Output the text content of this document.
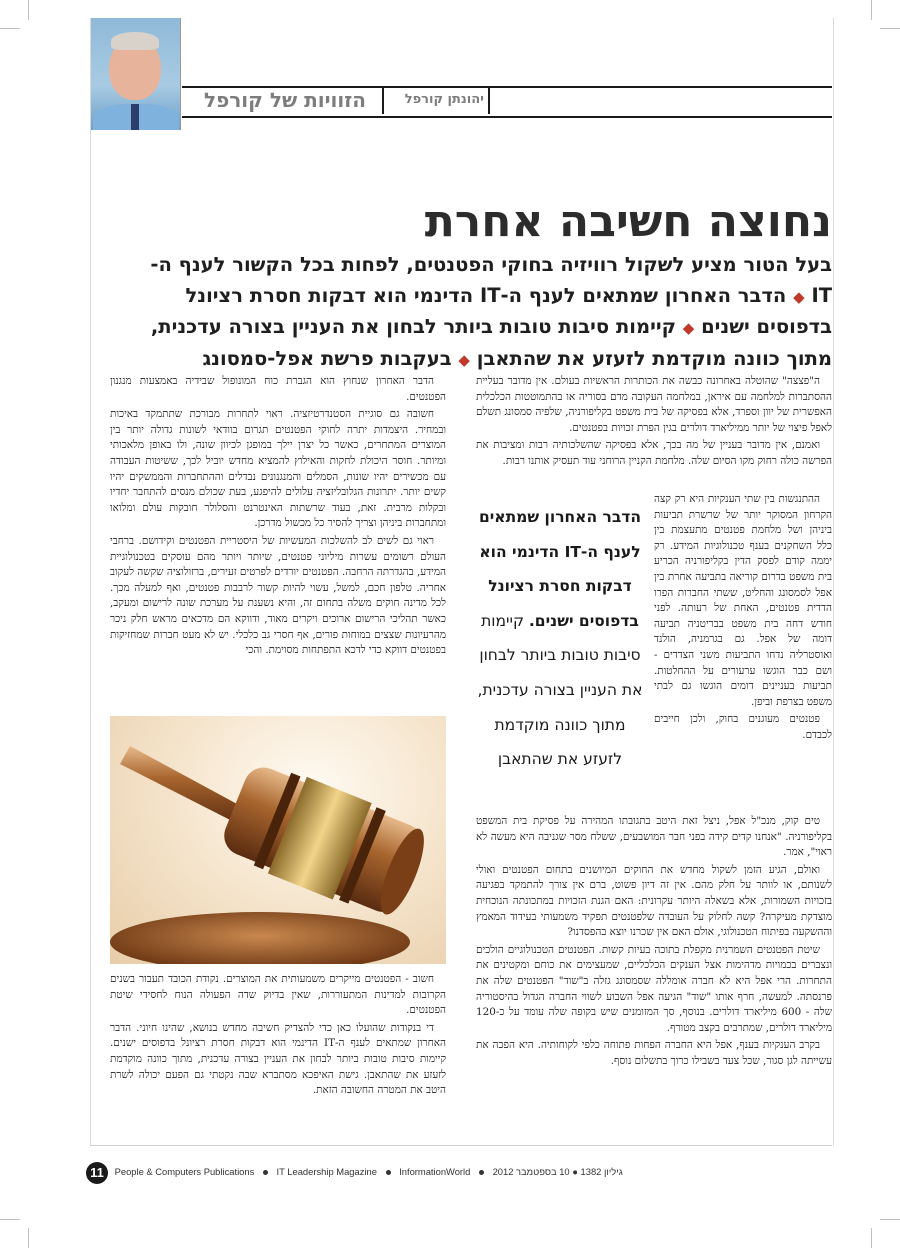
הזוויות של קורפל	יהונתן קורפל
נחוצה חשיבה אחרת
בעל הטור מציע לשקול רוויזיה בחוקי הפטנטים, לפחות בכל הקשור לענף ה-IT ◆ הדבר האחרון שמתאים לענף ה-IT הדינמי הוא דבקות חסרת רציונל בדפוסים ישנים ◆ קיימות סיבות טובות ביותר לבחון את העניין בצורה עדכנית, מתוך כוונה מוקדמת לזעזע את שהתאבן ◆ בעקבות פרשת אפל-סמסונג

ה"פצצה" שהוטלה באחרונה כבשה את הכותרות הראשיות בעולם. אין מדובר בעליית ההסתברות למלחמה עם איראן, במלחמה העקובה מדם בסוריה או בהתמוטטות הכלכלית האפשרית של יוון וספרד, אלא בפסיקה של בית משפט בקליפורניה, שלפיה סמסונג תשלם לאפל פיצוי של יותר ממיליארד דולרים בגין הפרת זכויות בפטנטים.

ואמנם, אין מדובר בעניין של מה בכך, אלא בפסיקה שהשלכותיה רבות ומציבות את הפרשה כולה רחוק מקו הסיום שלה. מלחמת הקניין הרוחני עוד תעסיק אותנו רבות.

הדבר האחרון שמתאים לענף ה-IT הדינמי הוא דבקות חסרת רציונל בדפוסים ישנים. קיימות סיבות טובות ביותר לבחון את העניין בצורה עדכנית, מתוך כוונה מוקדמת לזעזע את שהתאבן

ההתנגשות בין שתי הענקיות היא רק קצה הקרחון המסוקר יותר של שרשרת תביעות ביניהן ושל מלחמת פטנטים מתעצמת בין כלל השחקנים בענף טכנולוגיות המידע. רק יממה קודם לפסק הדין בקליפורניה הכריע בית משפט בדרום קוריאה בתביעה אחרת בין אפל לסמסונג והחליט, ששתי החברות הפרו הדדית פטנטים, האחת של רעותה. לפני חודש דחה בית משפט בבריטניה תביעה דומה של אפל. גם בגרמניה, הולנד ואוסטרליה נדחו התביעות משני הצדדים - ושם כבר הוגשו ערעורים על ההחלטות. תביעות בעניינים דומים הוגשו גם לבתי משפט בצרפת וביפן.

פטנטים מעוגנים בחוק, ולכן חייבים לכבדם.

טים קוק, מנכ"ל אפל, ניצל זאת היטב בתגובתו המהירה על פסיקת בית המשפט בקליפורניה. "אנחנו קדים קידה בפני חבר המושבעים, ששלח מסר שגניבה היא מעשה לא ראוי", אמר.

ואולם, הגיע הזמן לשקול מחדש את החוקים המיושנים בתחום הפטנטים ואולי לשנותם, או לוותר על חלק מהם. אין זה דיון פשוט, ברם אין צורך להתמקד בפגיעה בזכויות השמורות, אלא בשאלה היותר עקרונית: האם הגנת הזכויות במתכונתה הנוכחית מוצדקת מעיקרה? קשה לחלוק על העובדה שלפטנטים תפקיד משמעותי בעידוד המאמץ וההשקעה בפיתוח הטכנולוגי, אולם האם אין שכרנו יוצא בהפסדנו?

שיטת הפטנטים השמרנית מקפלת בתוכה בעיות קשות. הפטנטים הטכנולוגיים הולכים ונצברים בכמויות מדהימות אצל הענקים הכלכליים, שמעצימים את כוחם ומקטינים את התחרות. הרי אפל היא לא חברה אומללה שסמסונג גזלה ב"שוד" הפטנטים שלה את פרנסתה. למעשה, חרף אותו "שוד" הגיעה אפל השבוע לשווי החברה הגדול בהיסטוריה שלה - 600 מיליארד דולרים. בנוסף, סך המזומנים שיש בקופה שלה עומד על כ-120 מיליארד דולרים, שמתרבים בקצב מטורף.

בקרב הענקיות בענף, אפל היא החברה הפחות פתוחה כלפי לקוחותיה. היא הפכה את עשייתה לגן סגור, שכל צעד בשבילו כרוך בתשלום נוסף.

הדבר האחרון שנחוץ הוא הגברת כוח המונופול שבידיה באמצעות מנגנון הפטנטים.

חשובה גם סוגיית הסטנדרטיזציה. ראוי לתחרות מבורכת שתתמקד באיכות ובמחיר. היצמדות יתרה לחוקי הפטנטים תגרום בוודאי לשונות גדולה יותר בין המוצרים המתחרים, כאשר כל יצרן יילך במופגן לכיוון שונה, ולו באופן מלאכותי ומיותר. חוסר היכולת לחקות והאילוץ להמציא מחדש יוביל לכך, ששיטות העבודה עם מכשירים יהיו שונות, הסמלים והמנגנונים נבדלים וההתחברות והממשקים יהיו קשים יותר. יתרונות הגלובליזציה עלולים להיפגע, בעת שכולם מנסים להתחבר יחדיו ובקלות מרבית. זאת, בעוד שרשתות האינטרנט והסלולר חובקות עולם ומלואו ומתחברות ביניהן וצריך להסיר כל מכשול מדרכן.

ראוי גם לשים לב להשלכות המעשיות של היסטריית הפטנטים וקידושם. ברחבי העולם רשומים עשרות מיליוני פטנטים, שיותר ויותר מהם עוסקים בטכנולוגיית המידע, בהגדרתה הרחבה. הפטנטים יורדים לפרטים זעירים, ברזולוציה שקשה לעקוב אחריה. טלפון חכם, למשל, עשוי להיות קשור לרבבות פטנטים, ואף למעלה מכך. לכל מדינה חוקים משלה בתחום זה, והיא נשענת על מערכת שונה לרישום ומעקב, כאשר תהליכי הרישום ארוכים ויקרים מאוד, ודווקא הם מדכאים מראש חלק ניכר מהרעיונות שצצים במוחות פורים, אף חסרי גב כלכלי. יש לא מעט חברות שמחזיקות בפטנטים דווקא כדי לדכא התפתחות מסוימת. והכי

חשוב - הפטנטים מייקרים משמעותית את המוצרים. נקודת הכובד תעבור בשנים הקרובות למדינות המתעוררות, שאין בדיוק שדה הפעולה הנוח לחסידי שיטת הפטנטים.

די בנקודות שהועלו כאן כדי להצדיק חשיבה מחדש בנושא, שהינו חיוני. הדבר האחרון שמתאים לענף ה-IT הדינמי הוא דבקות חסרת רציונל בדפוסים ישנים. קיימות סיבות טובות ביותר לבחון את העניין בצורה עדכנית, מתוך כוונה מוקדמת לזעזע את שהתאבן. גישת האיפכא מסתברא שבה נקטתי גם הפעם יכולה לשרת היטב את המטרה החשובה הזאת.

11 People & Computers Publications IT Leadership Magazine InformationWorld גיליון 1382 ● 10 בספטמבר 2012
